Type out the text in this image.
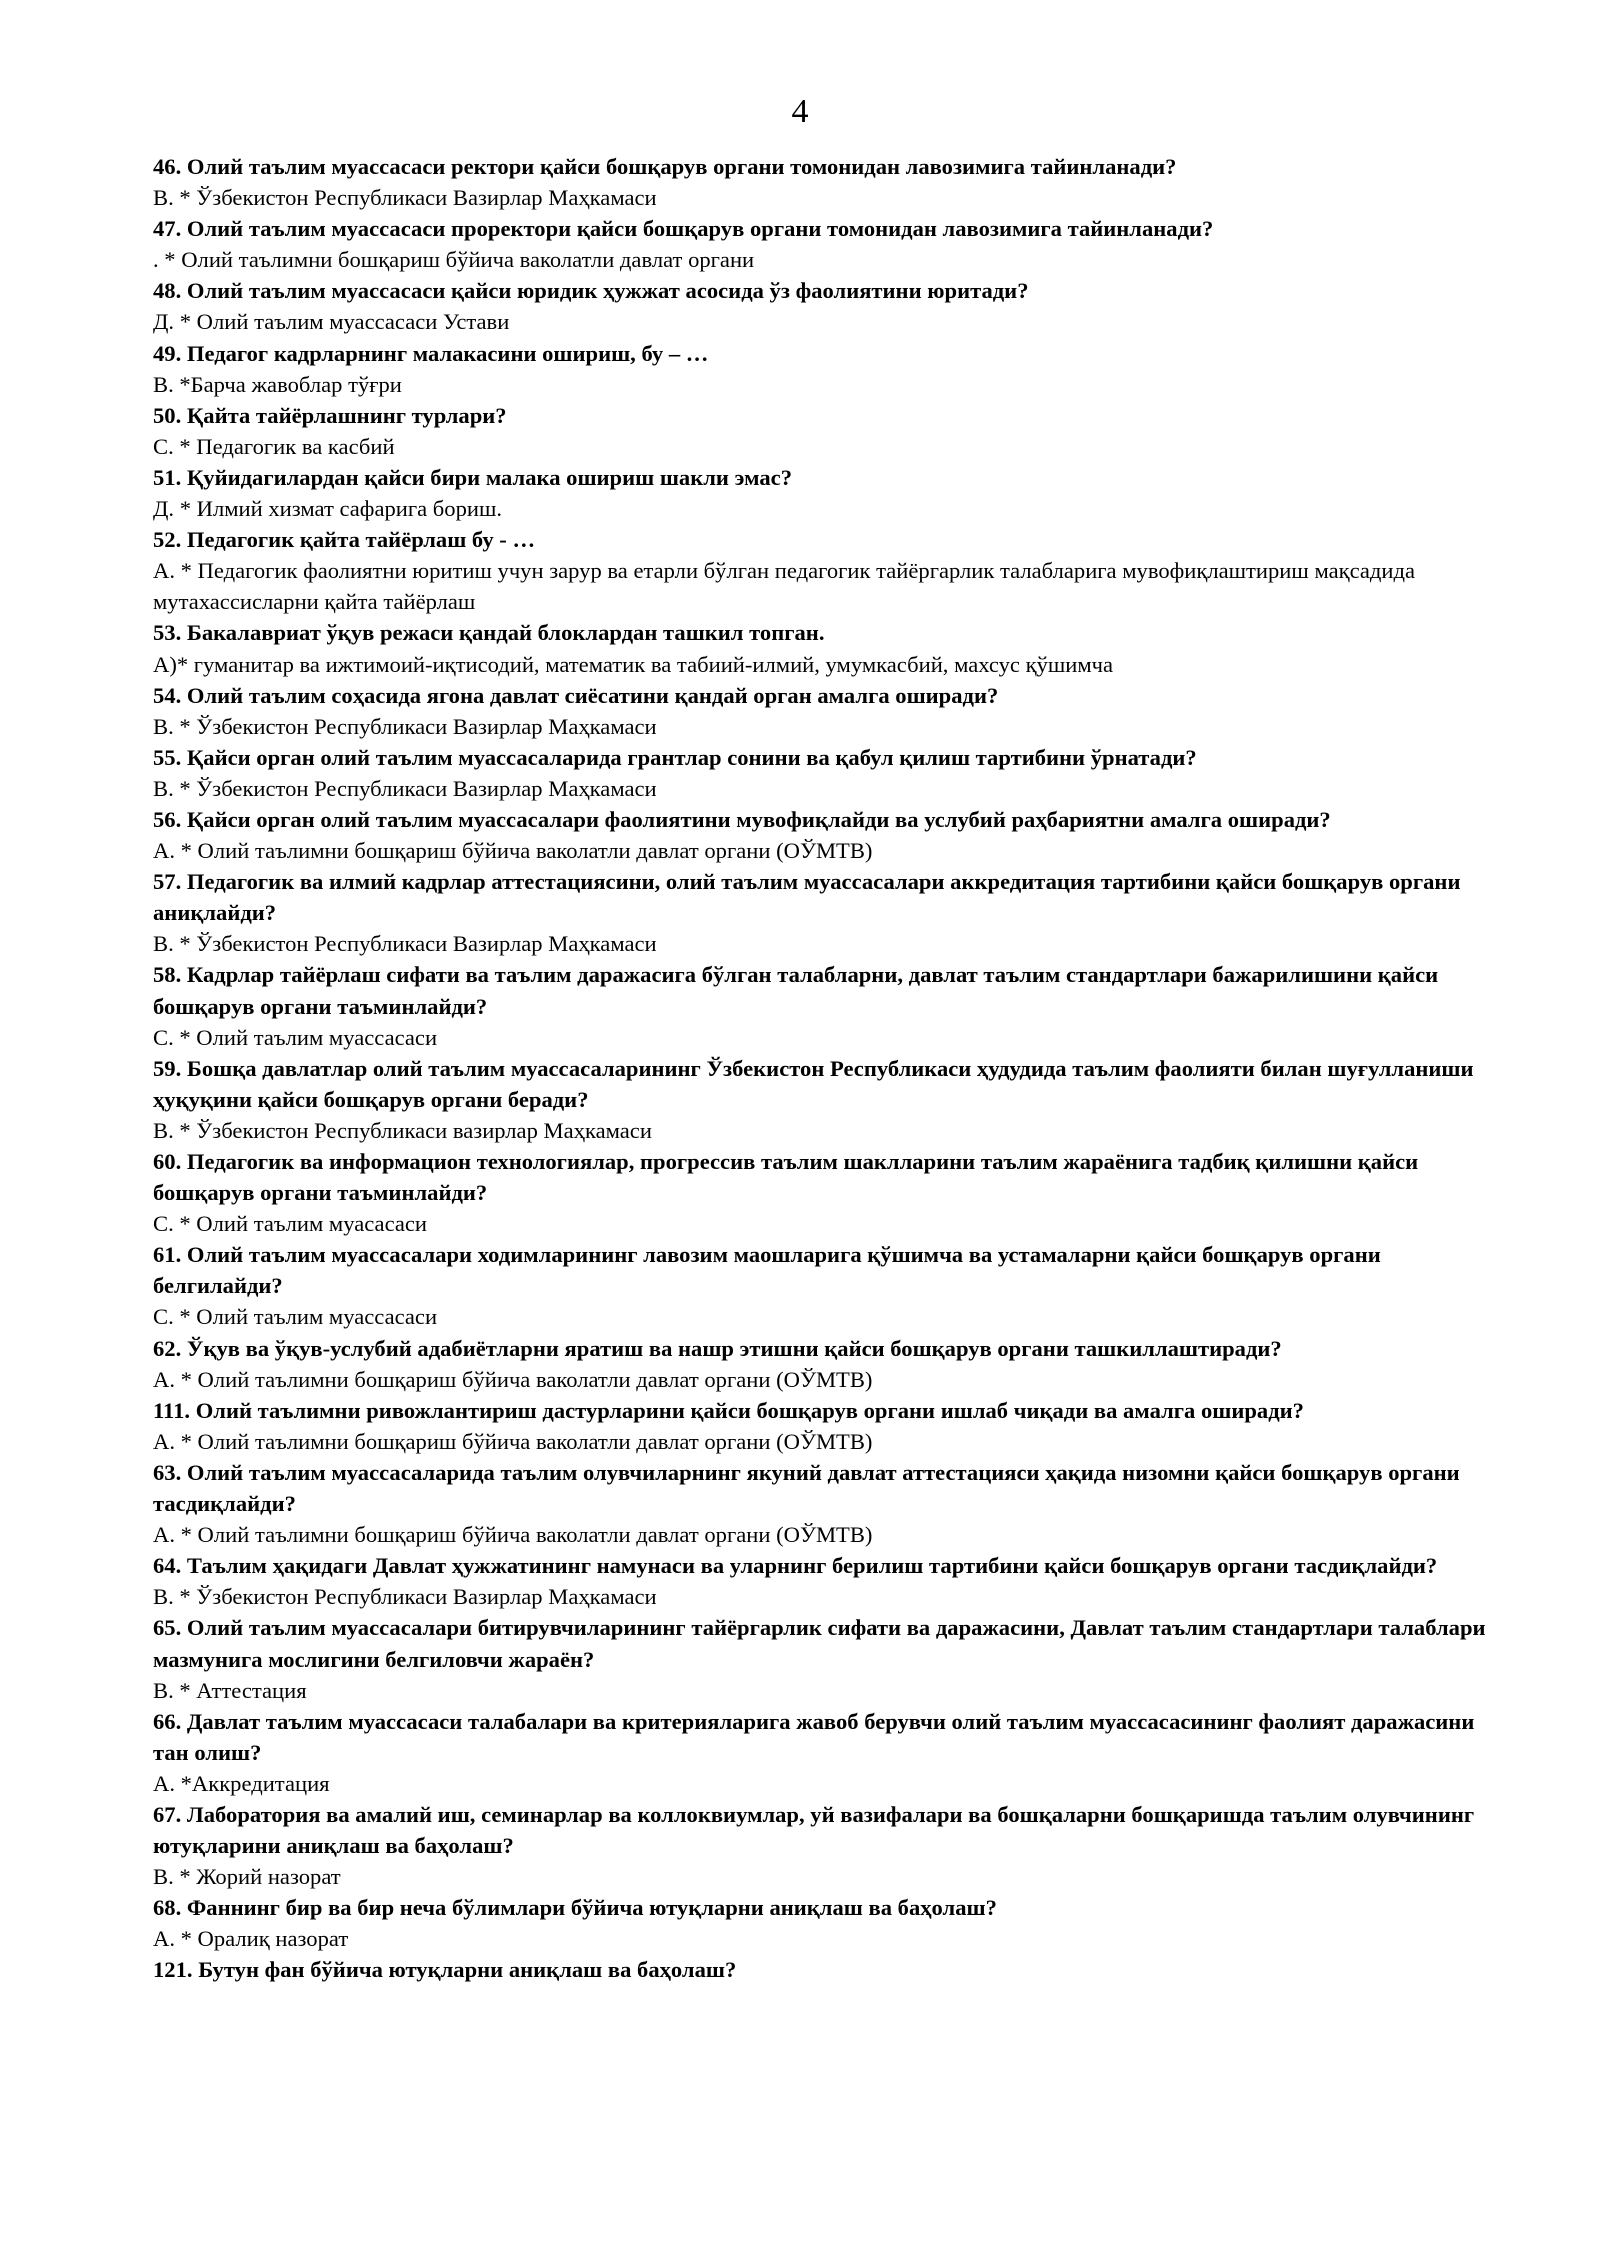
4

46. Олий таълим муассасаси ректори қайси бошқарув органи томонидан лавозимига тайинланади?

В. * Ўзбекистон Республикаси Вазирлар Маҳкамаси

47. Олий таълим муассасаси проректори қайси бошқарув органи томонидан лавозимига тайинланади?

. * Олий таълимни бошқариш бўйича ваколатли давлат органи

48. Олий таълим муассасаси қайси юридик ҳужжат асосида ўз фаолиятини юритади?

Д. * Олий таълим муассасаси Устави

49. Педагог кадрларнинг малакасини ошириш, бу – …

В. *Барча жавоблар тўғри

50. Қайта тайёрлашнинг турлари?

С. * Педагогик ва касбий

51. Қуйидагилардан қайси бири малака ошириш шакли эмас?

Д. * Илмий хизмат сафарига бориш.

52. Педагогик қайта тайёрлаш бу - …

А. * Педагогик фаолиятни юритиш учун зарур ва етарли бўлган педагогик тайёргарлик талабларига мувофиқлаштириш мақсадида мутахассисларни қайта тайёрлаш

53. Бакалавриат ўқув режаси қандай блоклардан ташкил топган.

А)* гуманитар ва ижтимоий-иқтисодий, математик ва табиий-илмий, умумкасбий, махсус қўшимча

54. Олий таълим соҳасида ягона давлат сиёсатини қандай орган амалга оширади?

В. * Ўзбекистон Республикаси Вазирлар Маҳкамаси

55. Қайси орган олий таълим муассасаларида грантлар сонини ва қабул қилиш тартибини ўрнатади?

В. * Ўзбекистон Республикаси Вазирлар Маҳкамаси

56. Қайси орган олий таълим муассасалари фаолиятини мувофиқлайди ва услубий раҳбариятни амалга оширади?

А. * Олий таълимни бошқариш бўйича ваколатли давлат органи (ОЎМТВ)

57. Педагогик ва илмий кадрлар аттестациясини, олий таълим муассасалари аккредитация тартибини қайси бошқарув органи аниқлайди?

В. * Ўзбекистон Республикаси Вазирлар Маҳкамаси

58. Кадрлар тайёрлаш сифати ва таълим даражасига бўлган талабларни, давлат таълим стандартлари бажарилишини қайси бошқарув органи таъминлайди?

С. * Олий таълим муассасаси

59. Бошқа давлатлар олий таълим муассасаларининг Ўзбекистон Республикаси ҳудудида таълим фаолияти билан шуғулланиши ҳуқуқини қайси бошқарув органи беради?

В. * Ўзбекистон Республикаси вазирлар Маҳкамаси

60. Педагогик ва информацион технологиялар, прогрессив таълим шаклларини таълим жараёнига тадбиқ қилишни қайси бошқарув органи таъминлайди?

С. * Олий таълим муасасаси

61. Олий таълим муассасалари ходимларининг лавозим маошларига қўшимча ва устамаларни қайси бошқарув органи белгилайди?

С. * Олий таълим муассасаси

62. Ўқув ва ўқув-услубий адабиётларни яратиш ва нашр этишни қайси бошқарув органи ташкиллаштиради?

А. * Олий таълимни бошқариш бўйича ваколатли давлат органи (ОЎМТВ)

111. Олий таълимни ривожлантириш дастурларини қайси бошқарув органи ишлаб чиқади ва амалга оширади?

А. * Олий таълимни бошқариш бўйича ваколатли давлат органи (ОЎМТВ)

63. Олий таълим муассасаларида таълим олувчиларнинг якуний давлат аттестацияси ҳақида низомни қайси бошқарув органи тасдиқлайди?

А. * Олий таълимни бошқариш бўйича ваколатли давлат органи (ОЎМТВ)

64. Таълим ҳақидаги Давлат ҳужжатининг намунаси ва уларнинг берилиш тартибини қайси бошқарув органи тасдиқлайди?

В. * Ўзбекистон Республикаси Вазирлар Маҳкамаси

65. Олий таълим муассасалари битирувчиларининг тайёргарлик сифати ва даражасини, Давлат таълим стандартлари талаблари мазмунига мослигини белгиловчи жараён?

В. * Аттестация

66. Давлат таълим муассасаси талабалари ва критерияларига жавоб берувчи олий таълим муассасасининг фаолият даражасини тан олиш?

А. *Аккредитация

67. Лаборатория ва амалий иш, семинарлар ва коллоквиумлар, уй вазифалари ва бошқаларни бошқаришда таълим олувчининг ютуқларини аниқлаш ва баҳолаш?

В. * Жорий назорат

68. Фаннинг бир ва бир неча бўлимлари бўйича ютуқларни аниқлаш ва баҳолаш?

А. * Оралиқ назорат

121. Бутун фан бўйича ютуқларни аниқлаш ва баҳолаш?
